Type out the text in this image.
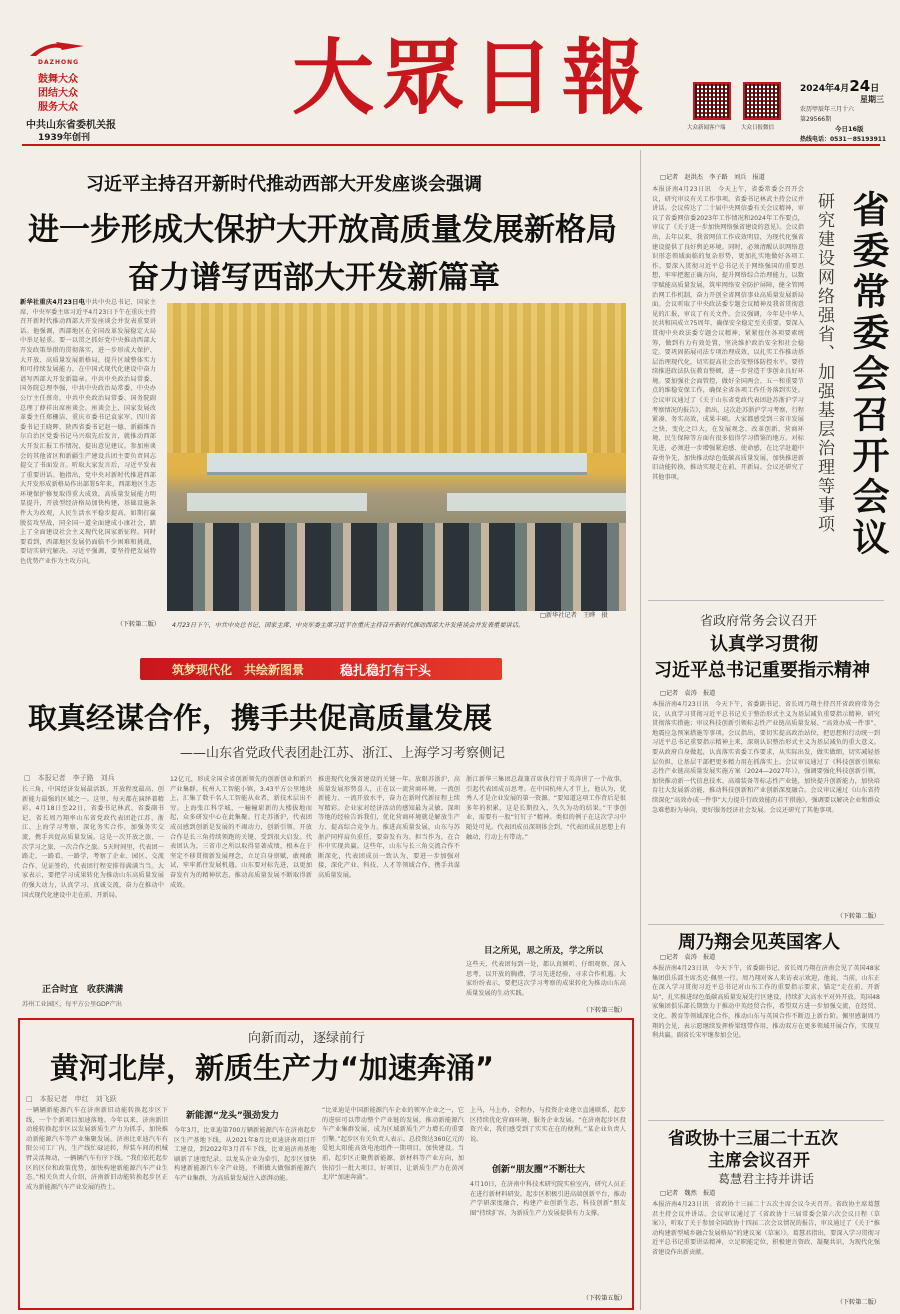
DAZHONG
鼓舞大众
团结大众
服务大众
中共山东省委机关报
1939年创刊
大眾日報
大众新闻客户端	大众日报微信
2024年4月24日
星期三
农历甲辰年三月十六
第29566期
今日16版
热线电话：0531－85193911
习近平主持召开新时代推动西部大开发座谈会强调
进一步形成大保护大开放高质量发展新格局
奋力谱写西部大开发新篇章
新华社重庆4月23日电中共中央总书记、国家主席、中央军委主席习近平4月23日下午在重庆主持召开新时代推动西部大开发座谈会并发表重要讲话。他强调，西部地区在全国改革发展稳定大局中举足轻重。要一以贯之抓好党中央推动西部大开发政策举措的贯彻落实，进一步形成大保护、大开放、高质量发展新格局，提升区域整体实力和可持续发展能力，在中国式现代化建设中奋力谱写西部大开发新篇章。中共中央政治局常委、国务院总理李强，中共中央政治局常委、中央办公厅主任蔡奇，中共中央政治局常委、国务院副总理丁薛祥出席座谈会。座谈会上，国家发展改革委主任郑栅洁、重庆市委书记袁家军、四川省委书记王晓晖、陕西省委书记赵一德、新疆维吾尔自治区党委书记马兴瑞先后发言，就推动西部大开发汇报工作情况、提出意见建议。参加座谈会的其他省区和新疆生产建设兵团主要负责同志提交了书面发言。听取大家发言后，习近平发表了重要讲话。他指出，党中央对新时代推进西部大开发形成新格局作出部署5年来，西部地区生态环境保护修复取得重大成效，高质量发展能力明显提升，开放型经济格局加快构建，基础设施条件大为改观，人民生活水平稳步提高，如期打赢脱贫攻坚战，同全国一道全面建成小康社会，踏上了全面建设社会主义现代化国家新征程。同时要看到，西部地区发展仍面临不少困难和挑战，要切实研究解决。习近平强调，要坚持把发展特色优势产业作为主攻方向，
（下转第二版）
□新华社记者　王晔　摄
4月23日下午，中共中央总书记、国家主席、中央军委主席习近平在重庆主持召开新时代推动西部大开发座谈会并发表重要讲话。
□记者　赵洪杰　李子路　刘兵　报道
本报济南4月23日讯　今天上午，省委常委会召开会议，研究审议有关工作事项。省委书记林武主持会议并讲话。会议传达了二十届中央网信委有关会议精神，审议了省委网信委2023年工作情况和2024年工作要点，审议了《关于进一步加快网络强省建设的意见》。会议指出，去年以来，我省网信工作成效明显，为现代化强省建设提供了良好舆论环境。同时，必须清醒认识网络意识形态领域面临的复杂形势，更加扎实地做好各项工作。要深入贯彻习近平总书记关于网络强国的重要思想，牢牢把握正确方向，提升网络综合治理能力，以数字赋能高质量发展，筑牢网络安全防护屏障，健全管网治网工作机制，奋力开创全省网信事业高质量发展新局面。会议听取了中央政法委专题会议精神及我省贯彻意见的汇报，审议了有关文件。会议强调，今年是中华人民共和国成立75周年，确保安全稳定至关重要。要深入贯彻中央政法委专题会议精神，紧紧扭住各项要素统筹，做到有力有效处置，坚决维护政治安全和社会稳定。要巩固拓展司法专项治理成效，以扎实工作推动基层治理现代化，切实提高社会治安整体防控水平。要持续推进政法队伍教育整顿，进一步营造干事创业良好环境。要加强社会面管控，做好全国两会、五一和重要节点的维稳安保工作，确保全省各项工作任务落到实处。会议审议通过了《关于山东省党政代表团赴苏浙沪学习考察情况的报告》，指出，这次赴苏浙沪学习考察，行程紧凑、务实高效，成果丰硕。大家都感受到三省市发展之快、变化之巨大，在发展观念、改革创新、营商环境、民生保障等方面有很多值得学习借鉴的地方。对标先进，必须进一步增强紧迫感、使命感，在比学赶超中奋勇争先，加快推动绿色低碳高质量发展，加快推进新旧动能转换，推动实现走在前、开新局。会议还研究了其他事项。	省委常委会召开会议
研究建设网络强省、加强基层治理等事项
省政府常务会议召开
认真学习贯彻
习近平总书记重要指示精神
□记者　袁涛　报道
本报济南4月23日讯　今天下午，省委副书记、省长周乃翔主持召开省政府常务会议，认真学习贯彻习近平总书记关于整治形式主义为基层减负重要指示精神，研究贯彻落实措施；审议科技创新引领标志性产业链高质量发展、“高效办成一件事”、地震应急预案措施等事项。会议指出，要切实提高政治站位，把思想和行动统一到习近平总书记重要指示精神上来，深刻认识整治形式主义为基层减负的重大意义。要从政府自身做起，认真落实省委工作要求，从实际出发，做实做细，切实减轻基层负担，让基层干部把更多精力用在抓落实上。会议审议通过了《科技创新引领标志性产业链高质量发展实施方案（2024—2027年）》，强调要强化科技创新引领，加快推动新一代信息技术、高端装备等标志性产业链，加快提升创新能力，加快培育壮大发展新动能，推动科技创新和产业创新深度融合。会议审议通过《山东省持续深化“高效办成一件事”大力提升行政效能的若干措施》，强调要以解决企业和群众急难愁盼为导向，更好服务经济社会发展。会议还研究了其他事项。
（下转第二版）
周乃翔会见英国客人
□记者　袁涛　报道
本报济南4月23日讯　今天下午，省委副书记、省长周乃翔在济南会见了英国48家集团俱乐部主席杰克·佩里一行。周乃翔对客人来访表示欢迎，他说，当前，山东正在深入学习贯彻习近平总书记对山东工作的重要指示要求，锚定“走在前、开新局”，扎实推进绿色低碳高质量发展先行区建设，持续扩大高水平对外开放。英国48家集团俱乐部长期致力于推动中英经贸合作，希望双方进一步加强交流，在经贸、文化、教育等领域深化合作，推动山东与英国合作不断迈上新台阶。佩里感谢周乃翔的会见，表示愿继续发挥桥梁纽带作用，推动双方在更多领域开展合作，实现互利共赢。副省长宋军继参加会见。
省政协十三届二十五次
主席会议召开
葛慧君主持并讲话
□记者　魏然　报道
本报济南4月23日讯　省政协十三届二十五次主席会议今天召开。省政协主席葛慧君主持会议并讲话。会议审议通过了《省政协十三届常委会第六次会议日程（草案）》，听取了关于参加全国政协十四届二次会议情况的报告，审议通过了《关于“推动构建新型城乡融合发展格局”的建议案（草案）》。葛慧君指出，要深入学习贯彻习近平总书记重要讲话精神，立足职能定位，积极建言资政、凝聚共识，为现代化强省建设作出新贡献。
（下转第二版）
筑梦现代化　共绘新图景	稳扎稳打有干头
取真经谋合作，携手共促高质量发展
——山东省党政代表团赴江苏、浙江、上海学习考察侧记
□　本报记者　李子路　刘兵
长三角，中国经济发展最活跃、开放程度最高、创新能力最强的区域之一。这里，每天都在演绎着精彩。4月18日至22日，省委书记林武、省委副书记、省长周乃翔率山东省党政代表团赴江苏、浙江、上海学习考察，深化务实合作，加强务实交流，携手共促高质量发展。这是一次开放之旅、一次学习之旅、一次合作之旅。5天时间里，代表团一路走、一路看、一路学，考察了企业、园区、交流合作、见证签约，代表团行程安排得满满当当。大家表示，要把学习成果转化为推动山东高质量发展的强大动力，认真学习、真诚交流，奋力在推动中国式现代化建设中走在前、开新局。
正合时宜　收获满满
苏州工业园区，每平方公里GDP产出
12亿元，形成全国全省创新领先的创新创业和新兴产业集群。杭州人工智能小镇，3.43平方公里地块上，汇集了数千名人工智能从业者，新技术层出不穷。上海张江科学城，一幢幢崭新的大楼拔地而起，众多研发中心在此集聚。行走苏浙沪，代表团成员感到创新是发展的不竭动力，创新引领、开放合作是长三角持续领跑的关键，受到很大启发。代表团认为，三省市之所以取得显著成绩，根本在于坚定不移贯彻新发展理念，立足自身禀赋，敢闯敢试，牢牢抓住发展机遇。山东要对标先进，以更加奋发有为的精神状态，推动高质量发展不断取得新成效。
推进现代化强省建设的关键一年。放眼苏浙沪，高质量发展形势喜人，正在以一流营商环境、一流创新能力、一流开放水平，奋力在新时代新征程上续写精彩。企业家对经济活动的感知最为灵敏。深圳等地的经验告诉我们，优化营商环境就是解放生产力、提高综合竞争力。推进高质量发展，山东与苏浙沪同样肩负重任，要奋发有为、担当作为，在合作中实现共赢。这些年，山东与长三角交流合作不断深化，代表团成员一致认为，要进一步加强对接，深化产业、科技、人才等领域合作，携手共谋高质量发展。
浙江新华三集团总裁兼首席执行官于英涛讲了一个故事，引起代表团成员思考。在中国杭州人才节上，他认为，优秀人才是企业发展的第一资源。“要知道这项工作背后是很多年的积累，这是长期投入、久久为功的结果。”干事创业，需要有一股“钉钉子”精神。类似的例子在这次学习中随处可见。代表团成员深刻体会到，“代表团成员思想上有触动，行动上有带动。”
目之所见，思之所及，学之所以
这些天，代表团每到一处，都认真倾听、仔细观察、深入思考，以开放的胸襟，学习先进经验，寻求合作机遇。大家纷纷表示，要把这次学习考察的成果转化为推动山东高质量发展的生动实践。
（下转第三版）
向新而动，逐绿前行
黄河北岸，新质生产力“加速奔涌”
□　本报记者　申红　刘飞跃
一辆辆新能源汽车在济南新旧动能转换起步区下线，一个个新项目加速落地。今年以来，济南新旧动能转换起步区以发展新质生产力为抓手，加快推动新能源汽车等产业集聚发展。济南比亚迪汽车有限公司工厂内，生产线忙碌运转，焊装车间的机械臂灵活舞动，一辆辆汽车有序下线。“我们依托起步区的区位和政策优势，加快构建新能源汽车产业生态。”相关负责人介绍，济南新旧动能转换起步区正成为新能源汽车产业发展的热土。
新能源“龙头”强劲发力
今年3月，比亚迪第700万辆新能源汽车在济南起步区生产基地下线。从2021年8月比亚迪济南项目开工建设，到2022年3月首车下线，比亚迪济南基地刷新了速度纪录。以龙头企业为牵引，起步区加快构建新能源汽车全产业链，不断做大做强新能源汽车产业集群，为高质量发展注入澎湃动能。
“比亚迪是中国新能源汽车企业的领军企业之一，它的进驻可以带动整个产业链的发展，推动新能源汽车产业集群发展，成为区域新质生产力增长的重要引擎。”起步区有关负责人表示。总投资达360亿元的爱旭太阳能高效电池组件一期项目，加快建设。当前，起步区正聚焦新能源、新材料等产业方向，加快招引一批大项目、好项目，让新质生产力在黄河北岸“加速奔涌”。
上马，马上办，全程办，与投资企业建立直通联系，起步区持续优化营商环境，服务企业发展。“在济南起步区投资兴业，我们感受到了实实在在的便利。”某企业负责人说。
创新“朋友圈”不断壮大
4月10日，在济南中科技术研究院实验室内，研究人员正在进行新材料研发。起步区积极引进高端创新平台，推动产学研深度融合，构建产业创新生态，科技创新“朋友圈”持续扩容，为新质生产力发展提供有力支撑。
（下转第五版）
